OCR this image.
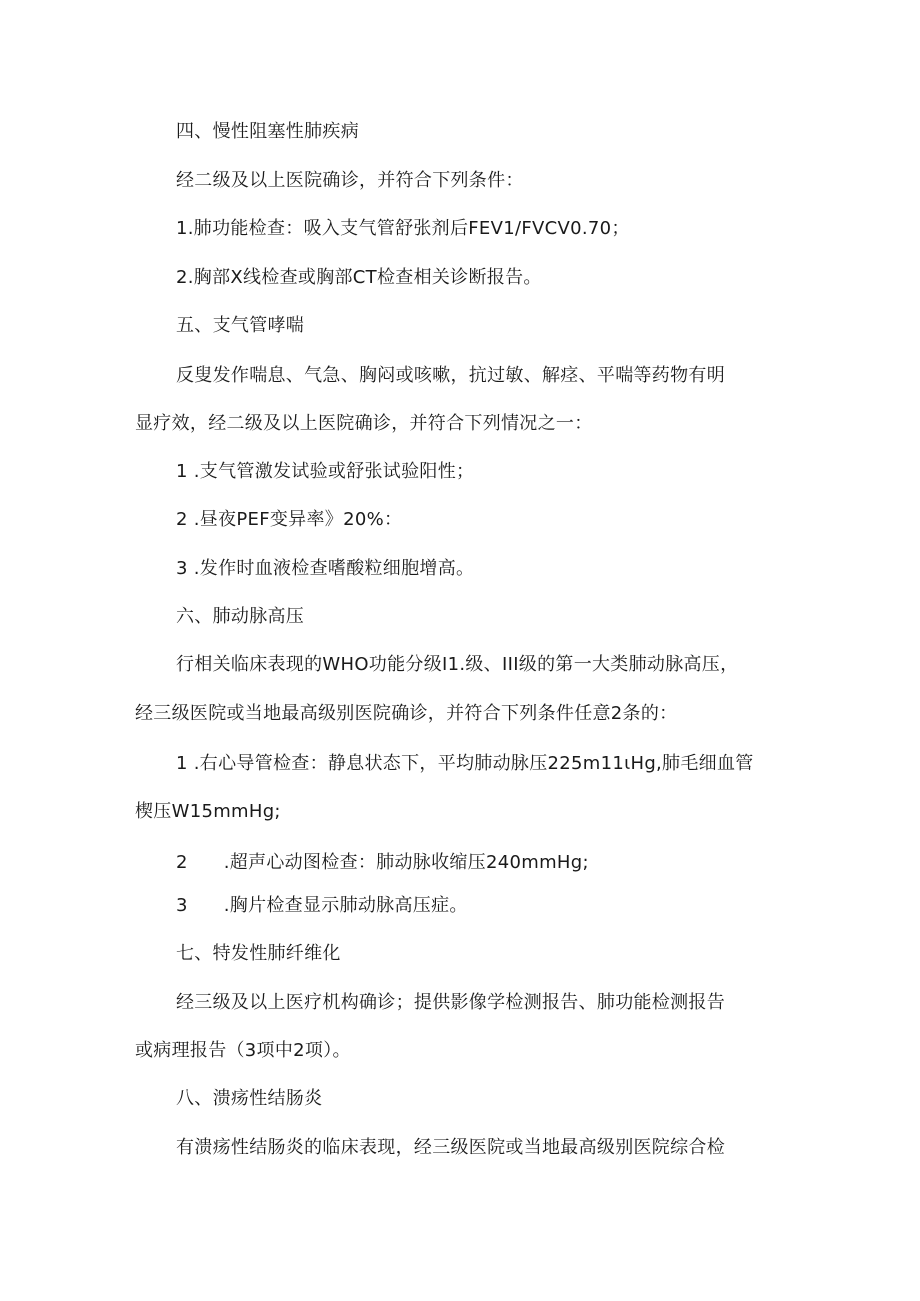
四、慢性阻塞性肺疾病

经二级及以上医院确诊，并符合下列条件：

1.肺功能检查：吸入支气管舒张剂后FEV1/FVCV0.70；

2.胸部X线检查或胸部CT检查相关诊断报告。

五、支气管哮喘

反叟发作喘息、气急、胸闷或咳嗽，抗过敏、解痉、平喘等药物有明

显疗效，经二级及以上医院确诊，并符合下列情况之一：

1 .支气管激发试验或舒张试验阳性；

2 .昼夜PEF变异率》20%：

3 .发作时血液检查嗜酸粒细胞增高。

六、肺动脉高压

行相关临床表现的WHO功能分级I1.级、III级的第一大类肺动脉高压，

经三级医院或当地最高级别医院确诊，并符合下列条件任意2条的：

1 .右心导管检查：静息状态下，平均肺动脉压225m11ιHg,肺毛细血管

楔压W15mmHg;

2 .超声心动图检查：肺动脉收缩压240mmHg;

3 .胸片检查显示肺动脉高压症。

七、特发性肺纤维化

经三级及以上医疗机构确诊；提供影像学检测报告、肺功能检测报告

或病理报告（3项中2项）。

八、溃疡性结肠炎

有溃疡性结肠炎的临床表现，经三级医院或当地最高级别医院综合检
